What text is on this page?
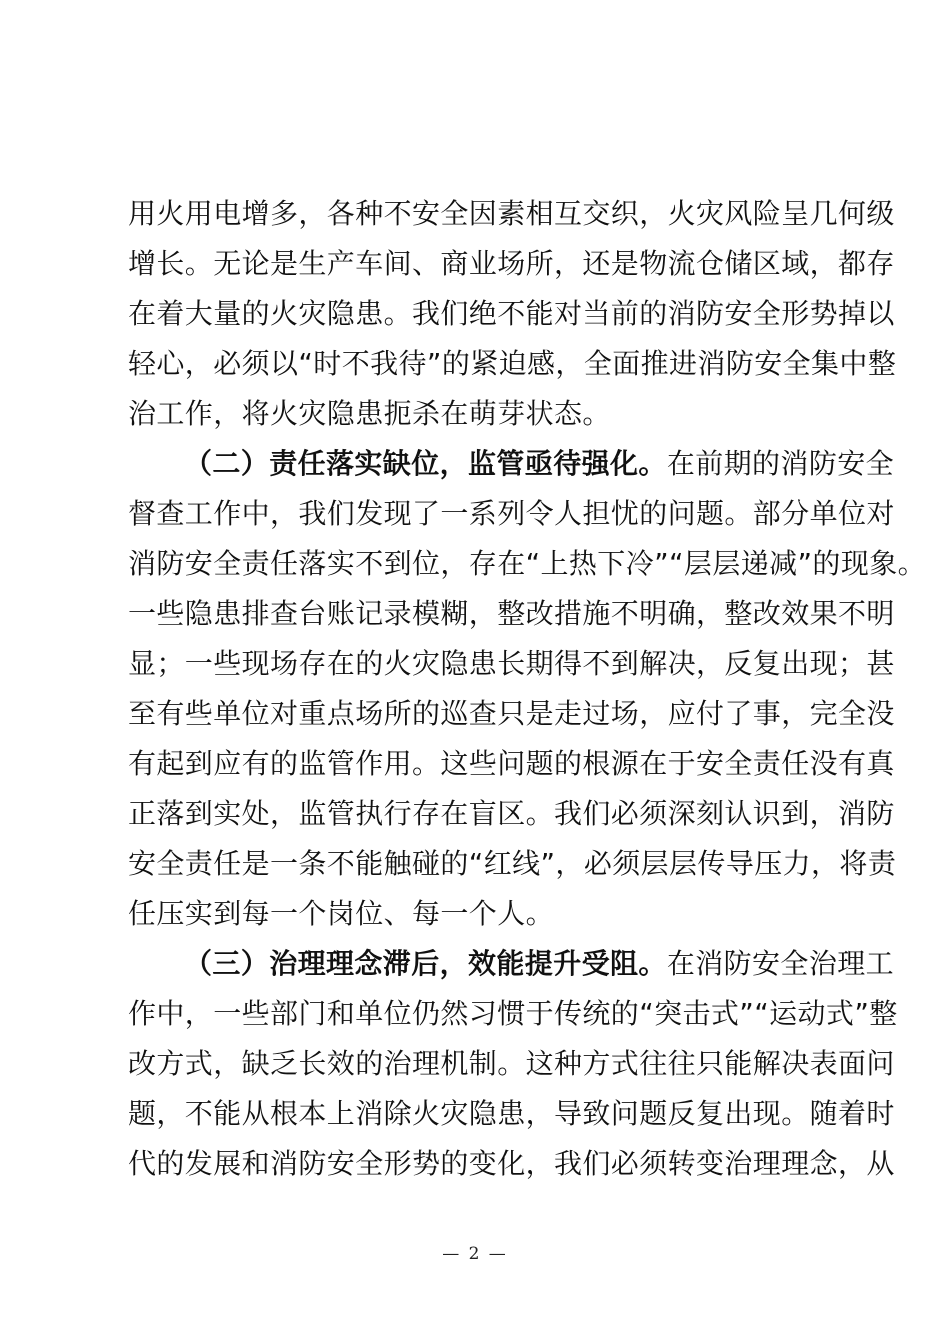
用火用电增多，各种不安全因素相互交织，火灾风险呈几何级
增长。无论是生产车间、商业场所，还是物流仓储区域，都存
在着大量的火灾隐患。我们绝不能对当前的消防安全形势掉以
轻心，必须以“时不我待”的紧迫感，全面推进消防安全集中整
治工作，将火灾隐患扼杀在萌芽状态。
（二）责任落实缺位，监管亟待强化。在前期的消防安全
督查工作中，我们发现了一系列令人担忧的问题。部分单位对
消防安全责任落实不到位，存在“上热下冷”“层层递减”的现象。
一些隐患排查台账记录模糊，整改措施不明确，整改效果不明
显；一些现场存在的火灾隐患长期得不到解决，反复出现；甚
至有些单位对重点场所的巡查只是走过场，应付了事，完全没
有起到应有的监管作用。这些问题的根源在于安全责任没有真
正落到实处，监管执行存在盲区。我们必须深刻认识到，消防
安全责任是一条不能触碰的“红线”，必须层层传导压力，将责
任压实到每一个岗位、每一个人。
（三）治理理念滞后，效能提升受阻。在消防安全治理工
作中，一些部门和单位仍然习惯于传统的“突击式”“运动式”整
改方式，缺乏长效的治理机制。这种方式往往只能解决表面问
题，不能从根本上消除火灾隐患，导致问题反复出现。随着时
代的发展和消防安全形势的变化，我们必须转变治理理念，从
— 2 —
